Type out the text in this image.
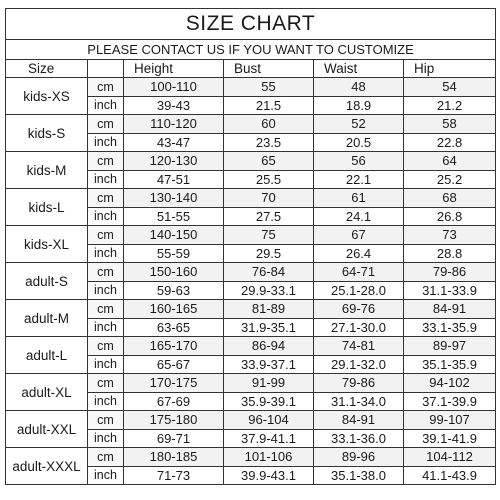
SIZE CHART					
PLEASE CONTACT US IF YOU WANT TO CUSTOMIZE					
Size		Height	Bust	Waist	Hip
kids-XS	cm	100-110	55	48	54
	inch	39-43	21.5	18.9	21.2
kids-S	cm	110-120	60	52	58
	inch	43-47	23.5	20.5	22.8
kids-M	cm	120-130	65	56	64
	inch	47-51	25.5	22.1	25.2
kids-L	cm	130-140	70	61	68
	inch	51-55	27.5	24.1	26.8
kids-XL	cm	140-150	75	67	73
	inch	55-59	29.5	26.4	28.8
adult-S	cm	150-160	76-84	64-71	79-86
	inch	59-63	29.9-33.1	25.1-28.0	31.1-33.9
adult-M	cm	160-165	81-89	69-76	84-91
	inch	63-65	31.9-35.1	27.1-30.0	33.1-35.9
adult-L	cm	165-170	86-94	74-81	89-97
	inch	65-67	33.9-37.1	29.1-32.0	35.1-35.9
adult-XL	cm	170-175	91-99	79-86	94-102
	inch	67-69	35.9-39.1	31.1-34.0	37.1-39.9
adult-XXL	cm	175-180	96-104	84-91	99-107
	inch	69-71	37.9-41.1	33.1-36.0	39.1-41.9
adult-XXXL	cm	180-185	101-106	89-96	104-112
	inch	71-73	39.9-43.1	35.1-38.0	41.1-43.9
